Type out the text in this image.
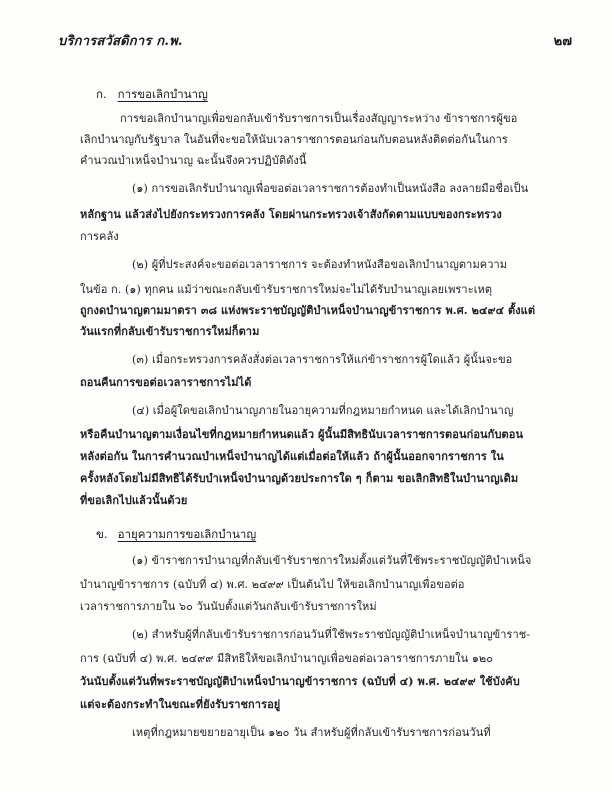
บริการสวัสดิการ ก.พ.	๒๗
ก. การขอเลิกบำนาญ
การขอเลิกบำนาญเพื่อขอกลับเข้ารับราชการเป็นเรื่องสัญญาระหว่าง ข้าราชการผู้ขอ
เลิกบำนาญกับรัฐบาล ในอันที่จะขอให้นับเวลาราชการตอนก่อนกับตอนหลังติดต่อกันในการ
คำนวณบำเหน็จบำนาญ ฉะนั้นจึงควรปฏิบัติดังนี้
(๑) การขอเลิกรับบำนาญเพื่อขอต่อเวลาราชการต้องทำเป็นหนังสือ ลงลายมือชื่อเป็น
หลักฐาน แล้วส่งไปยังกระทรวงการคลัง โดยผ่านกระทรวงเจ้าสังกัดตามแบบของกระทรวง
การคลัง
(๒) ผู้ที่ประสงค์จะขอต่อเวลาราชการ จะต้องทำหนังสือขอเลิกบำนาญตามความ
ในข้อ ก. (๑) ทุกคน แม้ว่าขณะกลับเข้ารับราชการใหม่จะไม่ได้รับบำนาญเลยเพราะเหตุ
ถูกงดบำนาญตามมาตรา ๓๘ แห่งพระราชบัญญัติบำเหน็จบำนาญข้าราชการ พ.ศ. ๒๔๙๔ ตั้งแต่
วันแรกที่กลับเข้ารับราชการใหม่ก็ตาม
(๓) เมื่อกระทรวงการคลังสั่งต่อเวลาราชการให้แก่ข้าราชการผู้ใดแล้ว ผู้นั้นจะขอ
ถอนคืนการขอต่อเวลาราชการไม่ได้
(๔) เมื่อผู้ใดขอเลิกบำนาญภายในอายุความที่กฎหมายกำหนด และได้เลิกบำนาญ
หรือคืนบำนาญตามเงื่อนไขที่กฎหมายกำหนดแล้ว ผู้นั้นมีสิทธินับเวลาราชการตอนก่อนกับตอน
หลังต่อกัน ในการคำนวณบำเหน็จบำนาญได้แต่เมื่อต่อให้แล้ว ถ้าผู้นั้นออกจากราชการ ใน
ครั้งหลังโดยไม่มีสิทธิได้รับบำเหน็จบำนาญด้วยประการใด ๆ ก็ตาม ขอเลิกสิทธิในบำนาญเดิม
ที่ขอเลิกไปแล้วนั้นด้วย
ข. อายุความการขอเลิกบำนาญ
(๑) ข้าราชการบำนาญที่กลับเข้ารับราชการใหม่ตั้งแต่วันที่ใช้พระราชบัญญัติบำเหน็จ
บำนาญข้าราชการ (ฉบับที่ ๔) พ.ศ. ๒๔๙๙ เป็นต้นไป ให้ขอเลิกบำนาญเพื่อขอต่อ
เวลาราชการภายใน ๖๐ วันนับตั้งแต่วันกลับเข้ารับราชการใหม่
(๒) สำหรับผู้ที่กลับเข้ารับราชการก่อนวันที่ใช้พระราชบัญญัติบำเหน็จบำนาญข้าราช-
การ (ฉบับที่ ๔) พ.ศ. ๒๔๙๙ มีสิทธิให้ขอเลิกบำนาญเพื่อขอต่อเวลาราชการภายใน ๑๒๐
วันนับตั้งแต่วันที่พระราชบัญญัติบำเหน็จบำนาญข้าราชการ (ฉบับที่ ๔) พ.ศ. ๒๔๙๙ ใช้บังคับ
แต่จะต้องกระทำในขณะที่ยังรับราชการอยู่
เหตุที่กฎหมายขยายอายุเป็น ๑๒๐ วัน สำหรับผู้ที่กลับเข้ารับราชการก่อนวันที่
